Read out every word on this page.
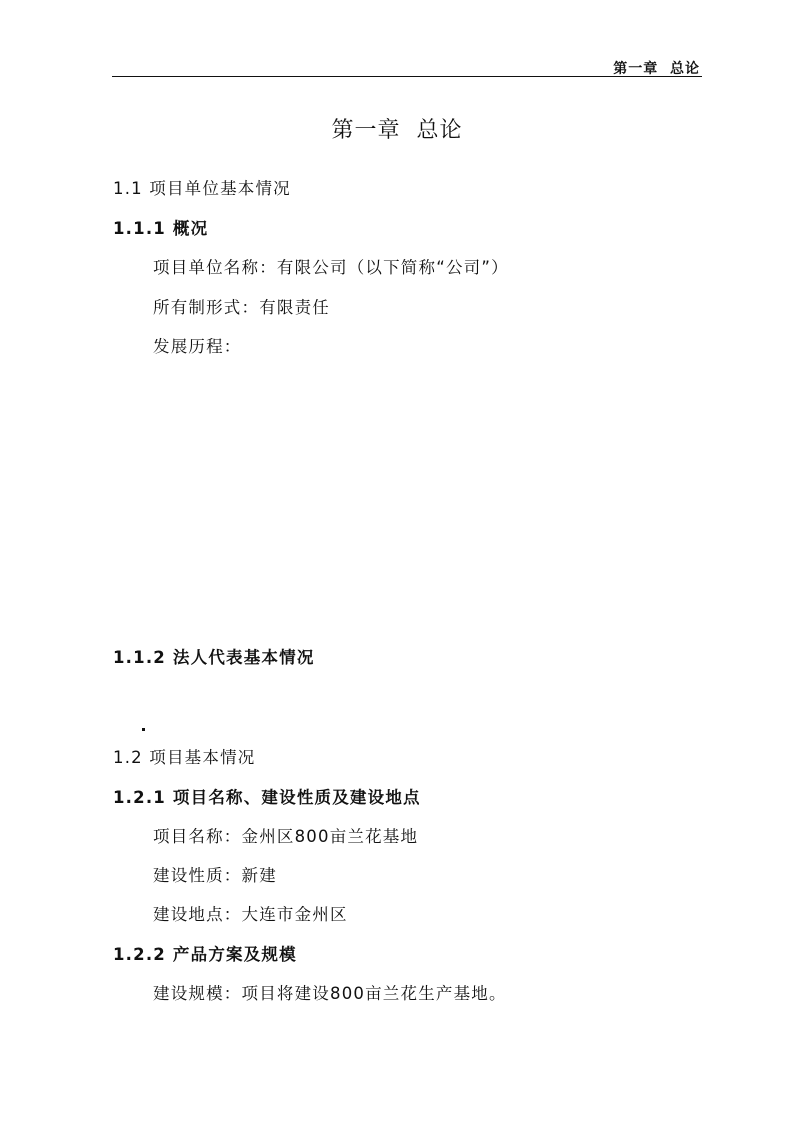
第一章  总论
第一章  总论
1.1 项目单位基本情况
1.1.1 概况
项目单位名称：有限公司（以下简称“公司”）
所有制形式：有限责任
发展历程：
1.1.2 法人代表基本情况
1.2 项目基本情况
1.2.1 项目名称、建设性质及建设地点
项目名称：金州区800亩兰花基地
建设性质：新建
建设地点：大连市金州区
1.2.2 产品方案及规模
建设规模：项目将建设800亩兰花生产基地。
